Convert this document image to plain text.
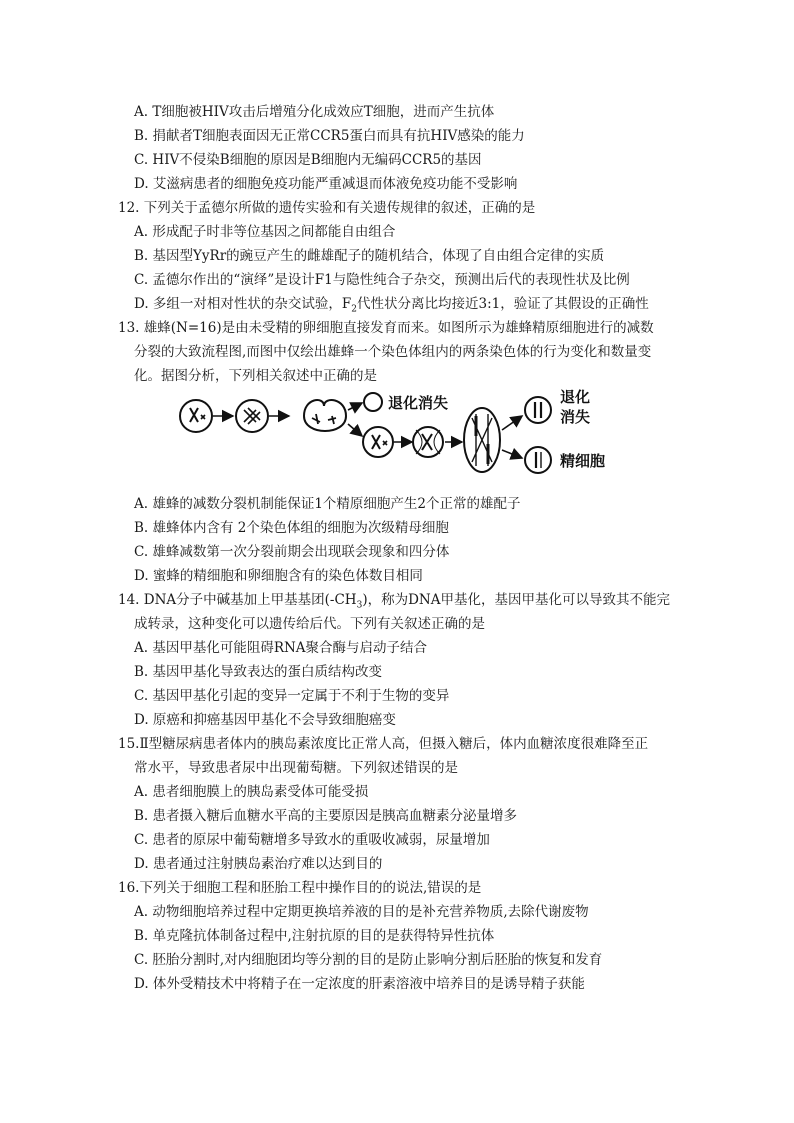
A. T细胞被HIV攻击后增殖分化成效应T细胞，进而产生抗体
B. 捐献者T细胞表面因无正常CCR5蛋白而具有抗HIV感染的能力
C. HIV不侵染B细胞的原因是B细胞内无编码CCR5的基因
D. 艾滋病患者的细胞免疫功能严重减退而体液免疫功能不受影响
12. 下列关于孟德尔所做的遗传实验和有关遗传规律的叙述，正确的是
A. 形成配子时非等位基因之间都能自由组合
B. 基因型YyRr的豌豆产生的雌雄配子的随机结合，体现了自由组合定律的实质
C. 孟德尔作出的“演绎”是设计F1与隐性纯合子杂交，预测出后代的表现性状及比例
D. 多组一对相对性状的杂交试验，$F_2$代性状分离比均接近3:1，验证了其假设的正确性
13. 雄蜂(N=16)是由未受精的卵细胞直接发育而来。如图所示为雄蜂精原细胞进行的减数
分裂的大致流程图,而图中仅绘出雄蜂一个染色体组内的两条染色体的行为变化和数量变
化。据图分析，下列相关叙述中正确的是
退化消失	退化
消失
精细胞
A. 雄蜂的减数分裂机制能保证1个精原细胞产生2个正常的雄配子
B. 雄蜂体内含有 2个染色体组的细胞为次级精母细胞
C. 雄蜂减数第一次分裂前期会出现联会现象和四分体
D. 蜜蜂的精细胞和卵细胞含有的染色体数目相同
14. DNA分子中碱基加上甲基基团$(-CH_3)$，称为DNA甲基化，基因甲基化可以导致其不能完
成转录，这种变化可以遗传给后代。下列有关叙述正确的是
A. 基因甲基化可能阻碍RNA聚合酶与启动子结合
B. 基因甲基化导致表达的蛋白质结构改变
C. 基因甲基化引起的变异一定属于不利于生物的变异
D. 原癌和抑癌基因甲基化不会导致细胞癌变
15.Ⅱ型糖尿病患者体内的胰岛素浓度比正常人高，但摄入糖后，体内血糖浓度很难降至正
常水平，导致患者尿中出现葡萄糖。下列叙述错误的是
A. 患者细胞膜上的胰岛素受体可能受损
B. 患者摄入糖后血糖水平高的主要原因是胰高血糖素分泌量增多
C. 患者的原尿中葡萄糖增多导致水的重吸收减弱，尿量增加
D. 患者通过注射胰岛素治疗难以达到目的
16.下列关于细胞工程和胚胎工程中操作目的的说法,错误的是
A. 动物细胞培养过程中定期更换培养液的目的是补充营养物质,去除代谢废物
B. 单克隆抗体制备过程中,注射抗原的目的是获得特异性抗体
C. 胚胎分割时,对内细胞团均等分割的目的是防止影响分割后胚胎的恢复和发育
D. 体外受精技术中将精子在一定浓度的肝素溶液中培养目的是诱导精子获能
